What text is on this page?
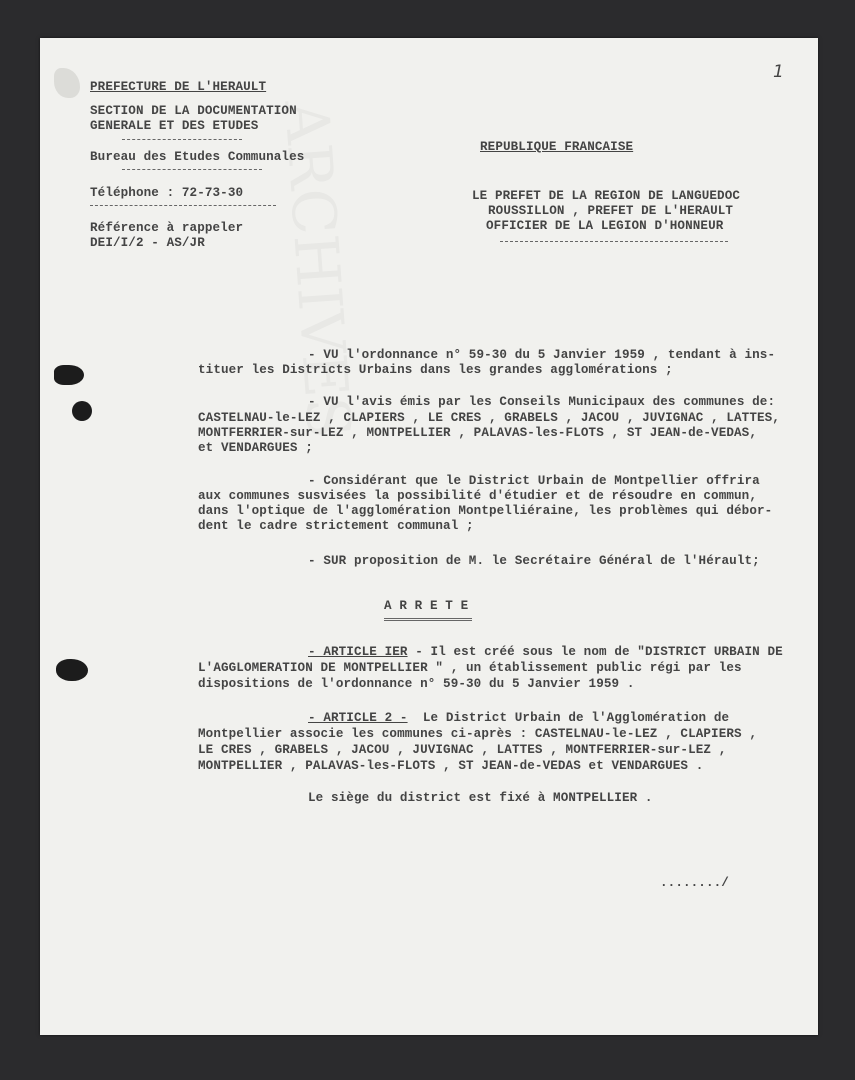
ARCHIVES
PREFECTURE DE L'HERAULT
SECTION DE LA DOCUMENTATION
GENERALE ET DES ETUDES
Bureau des Etudes Communales
Téléphone : 72-73-30
Référence à rappeler
DEI/I/2 - AS/JR
1
REPUBLIQUE FRANCAISE
LE PREFET DE LA REGION DE LANGUEDOC
ROUSSILLON , PREFET DE L'HERAULT
OFFICIER DE LA LEGION D'HONNEUR
- VU l'ordonnance n° 59-30 du 5 Janvier 1959 , tendant à ins-
tituer les Districts Urbains dans les grandes agglomérations ;
- VU l'avis émis par les Conseils Municipaux des communes de:
CASTELNAU-le-LEZ , CLAPIERS , LE CRES , GRABELS , JACOU , JUVIGNAC , LATTES,
MONTFERRIER-sur-LEZ , MONTPELLIER , PALAVAS-les-FLOTS , ST JEAN-de-VEDAS,
et VENDARGUES ;
- Considérant que le District Urbain de Montpellier offrira
aux communes susvisées la possibilité d'étudier et de résoudre en commun,
dans l'optique de l'agglomération Montpelliéraine, les problèmes qui débor-
dent le cadre strictement communal ;
- SUR proposition de M. le Secrétaire Général de l'Hérault;
A R R E T E
- ARTICLE IER - Il est créé sous le nom de "DISTRICT URBAIN DE
L'AGGLOMERATION DE MONTPELLIER " , un établissement public régi par les
dispositions de l'ordonnance n° 59-30 du 5 Janvier 1959 .
- ARTICLE 2 -  Le District Urbain de l'Agglomération de
Montpellier associe les communes ci-après : CASTELNAU-le-LEZ , CLAPIERS ,
LE CRES , GRABELS , JACOU , JUVIGNAC , LATTES , MONTFERRIER-sur-LEZ ,
MONTPELLIER , PALAVAS-les-FLOTS , ST JEAN-de-VEDAS et VENDARGUES .
Le siège du district est fixé à MONTPELLIER .
......../
